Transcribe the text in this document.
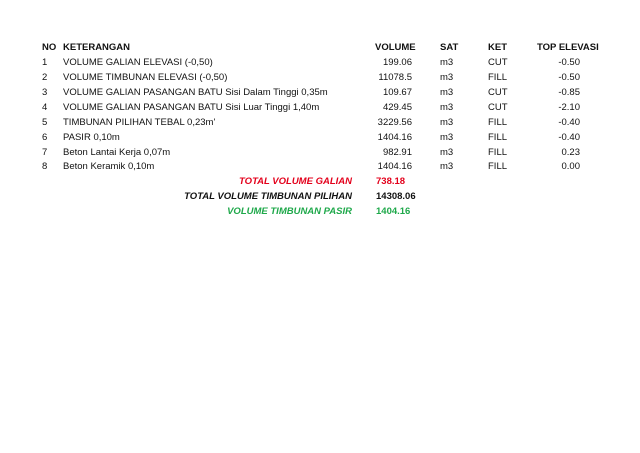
NO KETERANGAN	VOLUME	SAT	KET	TOP ELEVASI
1 VOLUME GALIAN ELEVASI (-0,50)	199.06	m3	CUT	-0.50
2 VOLUME TIMBUNAN ELEVASI (-0,50)	11078.5	m3	FILL	-0.50
3 VOLUME GALIAN PASANGAN BATU Sisi Dalam Tinggi 0,35m	109.67	m3	CUT	-0.85
4 VOLUME GALIAN PASANGAN BATU Sisi Luar Tinggi 1,40m	429.45	m3	CUT	-2.10
5 TIMBUNAN PILIHAN TEBAL 0,23m'	3229.56	m3	FILL	-0.40
6 PASIR 0,10m	1404.16	m3	FILL	-0.40
7 Beton Lantai Kerja 0,07m	982.91	m3	FILL	0.23
8 Beton Keramik 0,10m	1404.16	m3	FILL	0.00
TOTAL VOLUME GALIAN	738.18
TOTAL VOLUME TIMBUNAN PILIHAN	14308.06
VOLUME TIMBUNAN PASIR	1404.16
